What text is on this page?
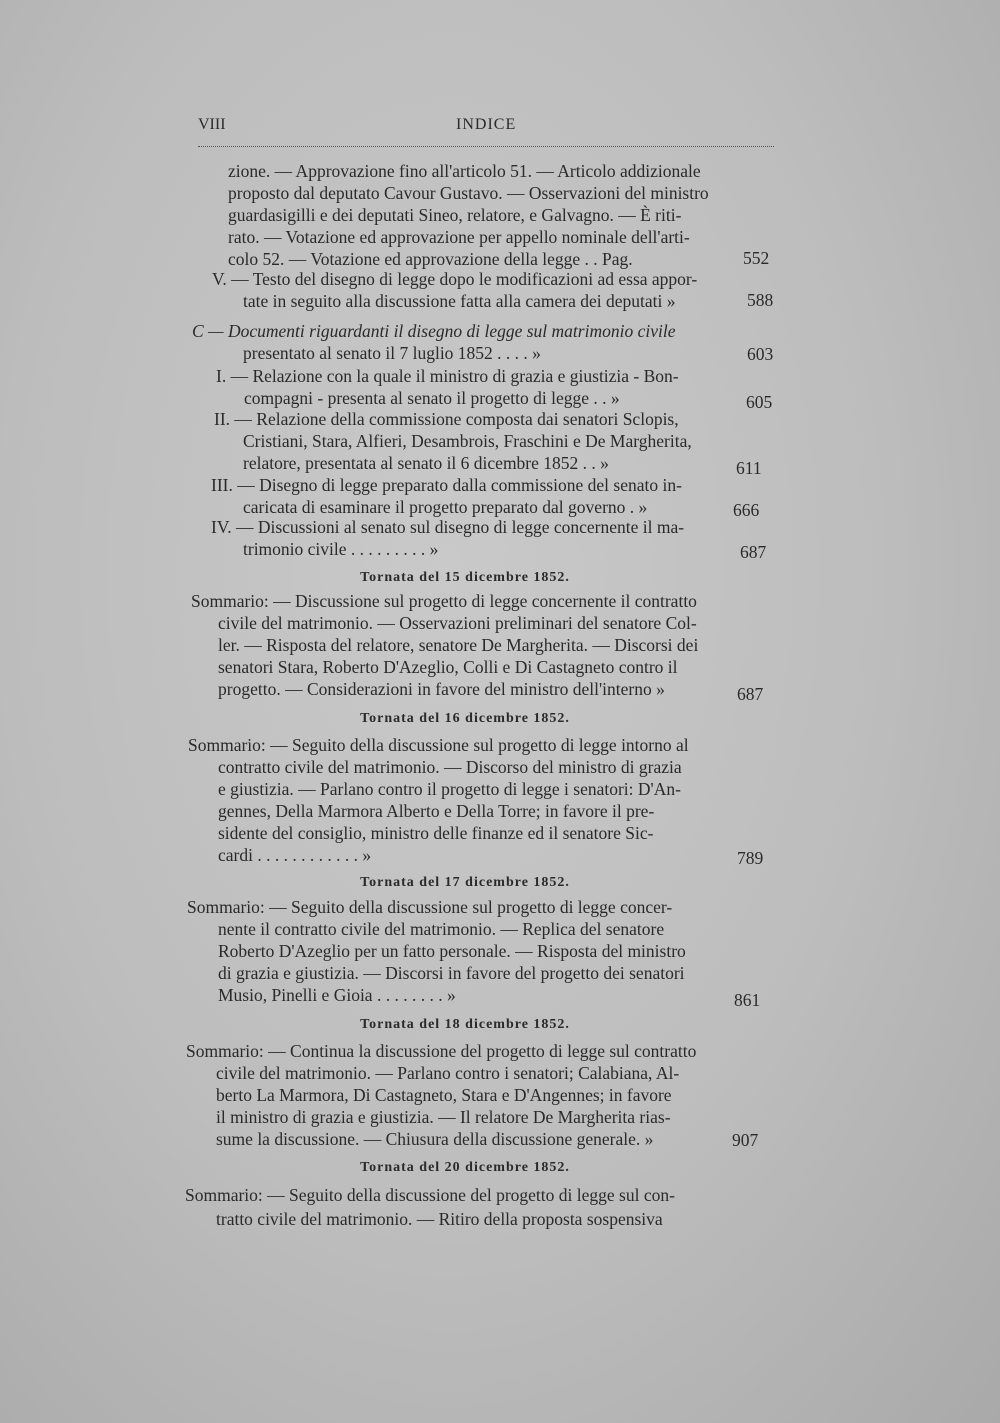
VIII	INDICE
zione. — Approvazione fino all'articolo 51. — Articolo addizionale
proposto dal deputato Cavour Gustavo. — Osservazioni del ministro
guardasigilli e dei deputati Sineo, relatore, e Galvagno. — È riti-
rato. — Votazione ed approvazione per appello nominale dell'arti-
colo 52. — Votazione ed approvazione della legge . . Pag.	552
V. — Testo del disegno di legge dopo le modificazioni ad essa appor-
tate in seguito alla discussione fatta alla camera dei deputati »	588
C — Documenti riguardanti il disegno di legge sul matrimonio civile
presentato al senato il 7 luglio 1852 . . . . »	603
I. — Relazione con la quale il ministro di grazia e giustizia - Bon-
compagni - presenta al senato il progetto di legge . . »	605
II. — Relazione della commissione composta dai senatori Sclopis,
Cristiani, Stara, Alfieri, Desambrois, Fraschini e De Margherita,
relatore, presentata al senato il 6 dicembre 1852 . . »	611
III. — Disegno di legge preparato dalla commissione del senato in-
caricata di esaminare il progetto preparato dal governo . »	666
IV. — Discussioni al senato sul disegno di legge concernente il ma-
trimonio civile . . . . . . . . . »	687
Tornata del 15 dicembre 1852.
Sommario: — Discussione sul progetto di legge concernente il contratto
civile del matrimonio. — Osservazioni preliminari del senatore Col-
ler. — Risposta del relatore, senatore De Margherita. — Discorsi dei
senatori Stara, Roberto D'Azeglio, Colli e Di Castagneto contro il
progetto. — Considerazioni in favore del ministro dell'interno »	687
Tornata del 16 dicembre 1852.
Sommario: — Seguito della discussione sul progetto di legge intorno al
contratto civile del matrimonio. — Discorso del ministro di grazia
e giustizia. — Parlano contro il progetto di legge i senatori: D'An-
gennes, Della Marmora Alberto e Della Torre; in favore il pre-
sidente del consiglio, ministro delle finanze ed il senatore Sic-
cardi . . . . . . . . . . . . »	789
Tornata del 17 dicembre 1852.
Sommario: — Seguito della discussione sul progetto di legge concer-
nente il contratto civile del matrimonio. — Replica del senatore
Roberto D'Azeglio per un fatto personale. — Risposta del ministro
di grazia e giustizia. — Discorsi in favore del progetto dei senatori
Musio, Pinelli e Gioia . . . . . . . . »	861
Tornata del 18 dicembre 1852.
Sommario: — Continua la discussione del progetto di legge sul contratto
civile del matrimonio. — Parlano contro i senatori; Calabiana, Al-
berto La Marmora, Di Castagneto, Stara e D'Angennes; in favore
il ministro di grazia e giustizia. — Il relatore De Margherita rias-
sume la discussione. — Chiusura della discussione generale. »	907
Tornata del 20 dicembre 1852.
Sommario: — Seguito della discussione del progetto di legge sul con-
tratto civile del matrimonio. — Ritiro della proposta sospensiva
